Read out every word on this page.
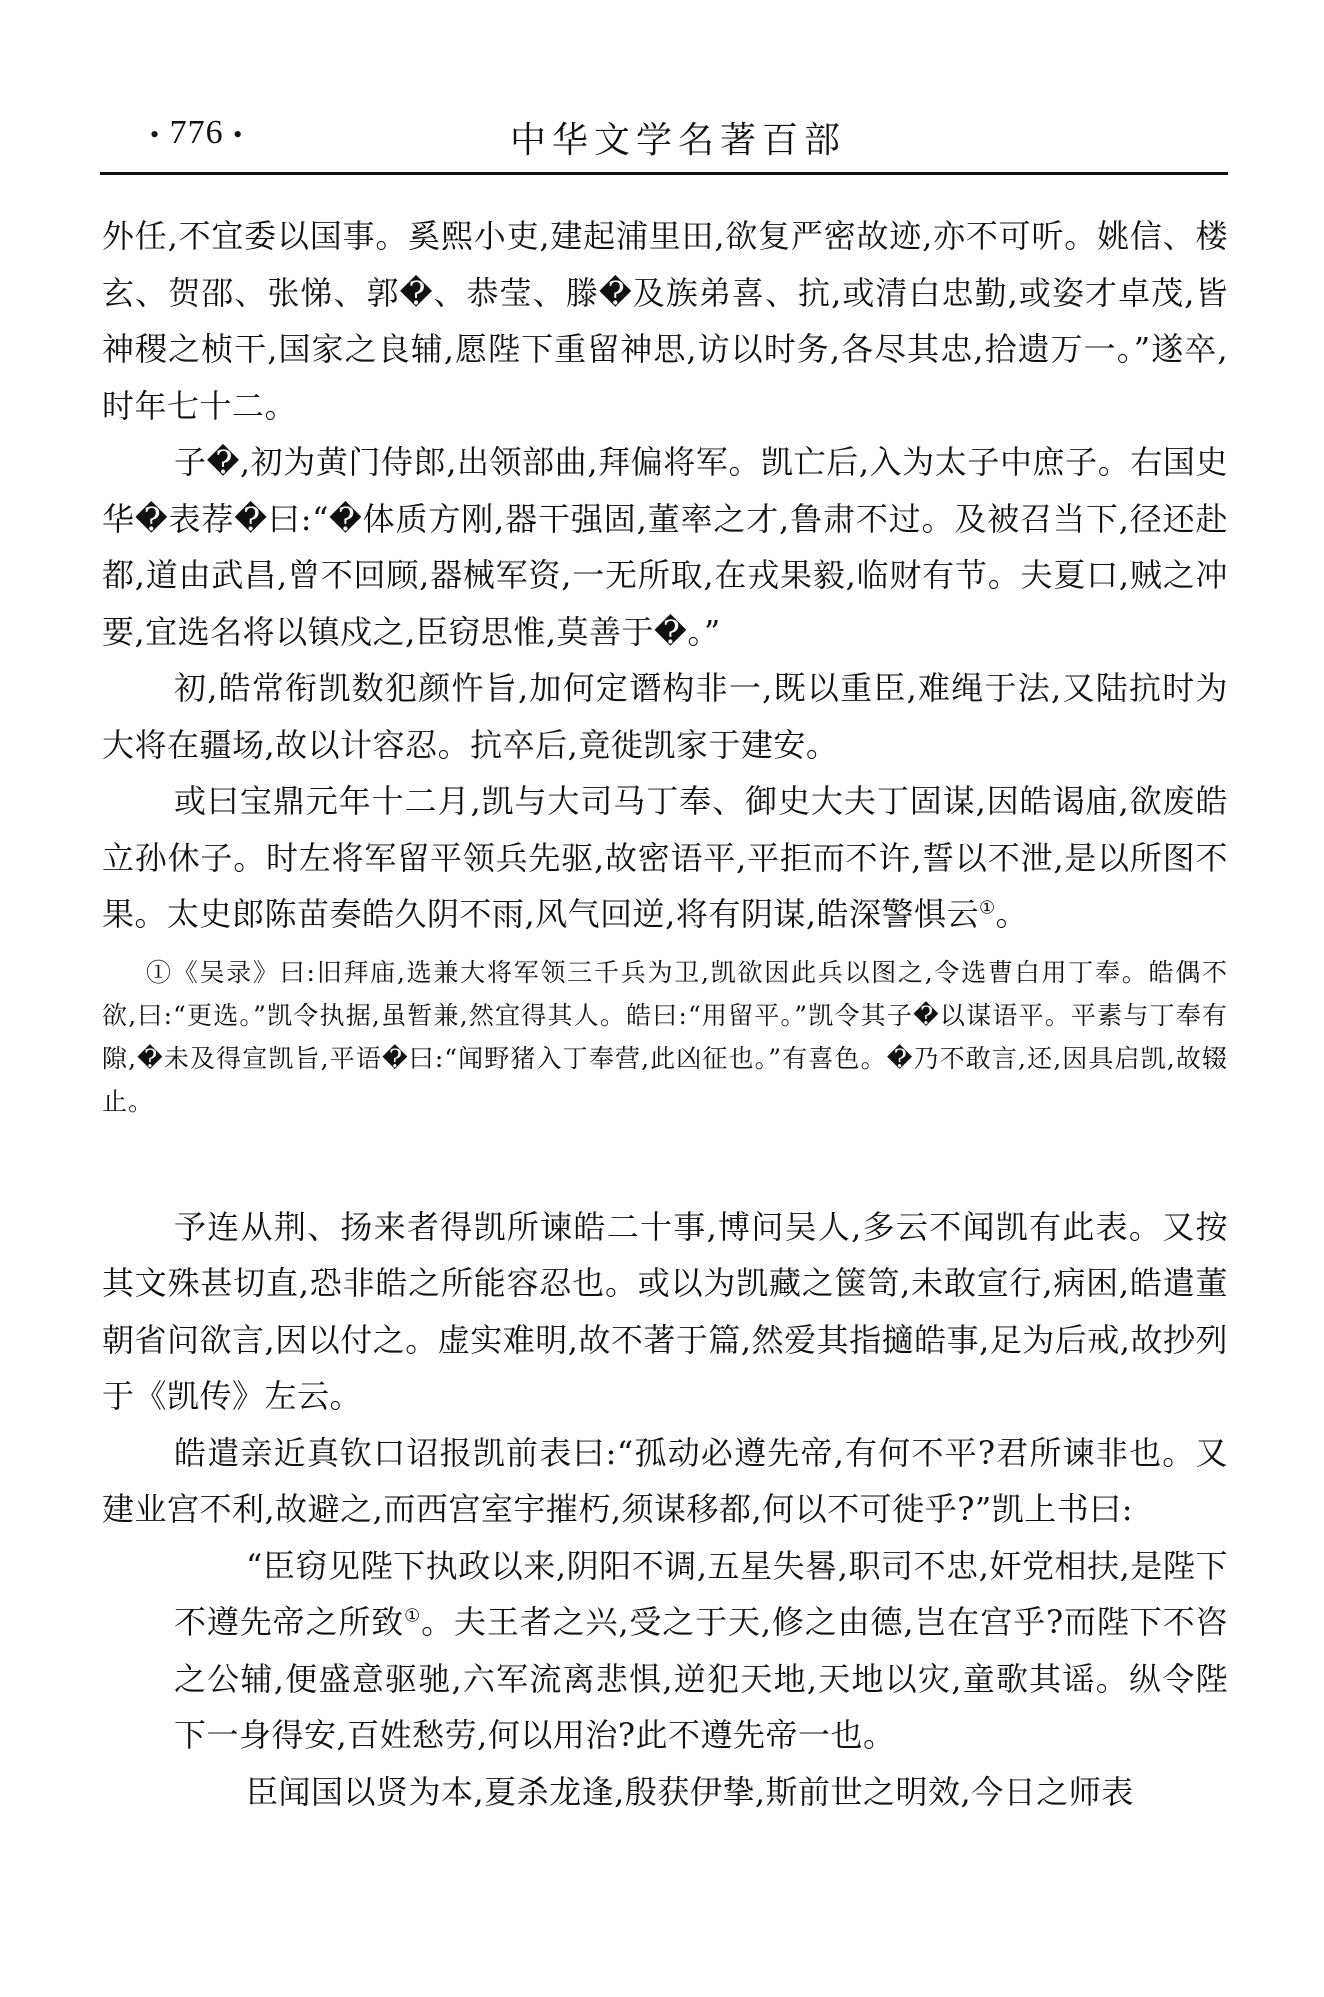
• 776 •	中华文学名著百部

外任,不宜委以国事。奚熙小吏,建起浦里田,欲复严密故迹,亦不可听。姚信、楼玄、贺邵、张悌、郭�、恭莹、滕�及族弟喜、抗,或清白忠勤,或姿才卓茂,皆神稷之桢干,国家之良辅,愿陛下重留神思,访以时务,各尽其忠,拾遗万一。”遂卒,时年七十二。

子�,初为黄门侍郎,出领部曲,拜偏将军。凯亡后,入为太子中庶子。右国史华�表荐�曰:“�体质方刚,器干强固,董率之才,鲁肃不过。及被召当下,径还赴都,道由武昌,曾不回顾,器械军资,一无所取,在戎果毅,临财有节。夫夏口,贼之冲要,宜选名将以镇戍之,臣窃思惟,莫善于�。”

初,皓常衔凯数犯颜忤旨,加何定谮构非一,既以重臣,难绳于法,又陆抗时为大将在疆场,故以计容忍。抗卒后,竟徙凯家于建安。

或曰宝鼎元年十二月,凯与大司马丁奉、御史大夫丁固谋,因皓谒庙,欲废皓立孙休子。时左将军留平领兵先驱,故密语平,平拒而不许,誓以不泄,是以所图不果。太史郎陈苗奏皓久阴不雨,风气回逆,将有阴谋,皓深警惧云①。

①《吴录》曰:旧拜庙,选兼大将军领三千兵为卫,凯欲因此兵以图之,令选曹白用丁奉。皓偶不欲,曰:“更选。”凯令执据,虽暂兼,然宜得其人。皓曰:“用留平。”凯令其子�以谋语平。平素与丁奉有隙,�未及得宣凯旨,平语�曰:“闻野猪入丁奉营,此凶征也。”有喜色。�乃不敢言,还,因具启凯,故辍止。

予连从荆、扬来者得凯所谏皓二十事,博问吴人,多云不闻凯有此表。又按其文殊甚切直,恐非皓之所能容忍也。或以为凯藏之箧笥,未敢宣行,病困,皓遣董朝省问欲言,因以付之。虚实难明,故不著于篇,然爱其指擿皓事,足为后戒,故抄列于《凯传》左云。

皓遣亲近真钦口诏报凯前表曰:“孤动必遵先帝,有何不平?君所谏非也。又建业宫不利,故避之,而西宫室宇摧朽,须谋移都,何以不可徙乎?”凯上书曰:

“臣窃见陛下执政以来,阴阳不调,五星失晷,职司不忠,奸党相扶,是陛下不遵先帝之所致①。夫王者之兴,受之于天,修之由德,岂在宫乎?而陛下不咨之公辅,便盛意驱驰,六军流离悲惧,逆犯天地,天地以灾,童歌其谣。纵令陛下一身得安,百姓愁劳,何以用治?此不遵先帝一也。

臣闻国以贤为本,夏杀龙逢,殷获伊挚,斯前世之明效,今日之师表
